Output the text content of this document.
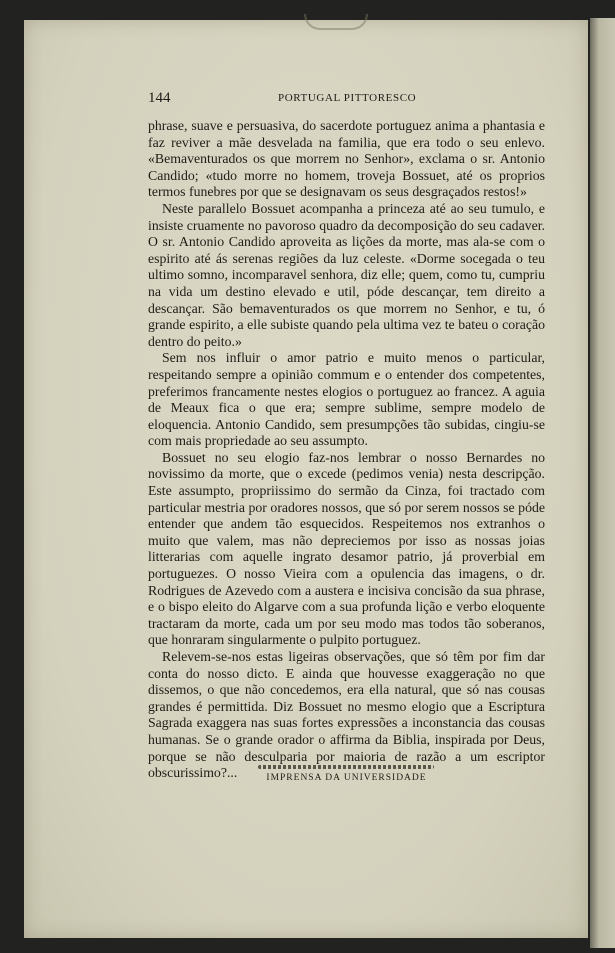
144	PORTUGAL PITTORESCO

phrase, suave e persuasiva, do sacerdote portuguez anima a phantasia e faz reviver a mãe desvelada na familia, que era todo o seu enlevo. «Bemaventurados os que morrem no Senhor», exclama o sr. Antonio Candido; «tudo morre no homem, troveja Bossuet, até os proprios termos funebres por que se designavam os seus desgraçados restos!»

Neste parallelo Bossuet acompanha a princeza até ao seu tumulo, e insiste cruamente no pavoroso quadro da decomposição do seu cadaver. O sr. Antonio Candido aproveita as lições da morte, mas ala-se com o espirito até ás serenas regiões da luz celeste. «Dorme socegada o teu ultimo somno, incomparavel senhora, diz elle; quem, como tu, cumpriu na vida um destino elevado e util, póde descançar, tem direito a descançar. São bemaventurados os que morrem no Senhor, e tu, ó grande espirito, a elle subiste quando pela ultima vez te bateu o coração dentro do peito.»

Sem nos influir o amor patrio e muito menos o particular, respeitando sempre a opinião commum e o entender dos competentes, preferimos francamente nestes elogios o portuguez ao francez. A aguia de Meaux fica o que era; sempre sublime, sempre modelo de eloquencia. Antonio Candido, sem presumpções tão subidas, cingiu-se com mais propriedade ao seu assumpto.

Bossuet no seu elogio faz-nos lembrar o nosso Bernardes no novissimo da morte, que o excede (pedimos venia) nesta descripção. Este assumpto, propriissimo do sermão da Cinza, foi tractado com particular mestria por oradores nossos, que só por serem nossos se póde entender que andem tão esquecidos. Respeitemos nos extranhos o muito que valem, mas não depreciemos por isso as nossas joias litterarias com aquelle ingrato desamor patrio, já proverbial em portuguezes. O nosso Vieira com a opulencia das imagens, o dr. Rodrigues de Azevedo com a austera e incisiva concisão da sua phrase, e o bispo eleito do Algarve com a sua profunda lição e verbo eloquente tractaram da morte, cada um por seu modo mas todos tão soberanos, que honraram singularmente o pulpito portuguez.

Relevem-se-nos estas ligeiras observações, que só têm por fim dar conta do nosso dicto. E ainda que houvesse exaggeração no que dissemos, o que não concedemos, era ella natural, que só nas cousas grandes é permittida. Diz Bossuet no mesmo elogio que a Escriptura Sagrada exaggera nas suas fortes expressões a inconstancia das cousas humanas. Se o grande orador o affirma da Biblia, inspirada por Deus, porque se não desculparia por maioria de razão a um escriptor obscurissimo?...	IMPRENSA DA UNIVERSIDADE
